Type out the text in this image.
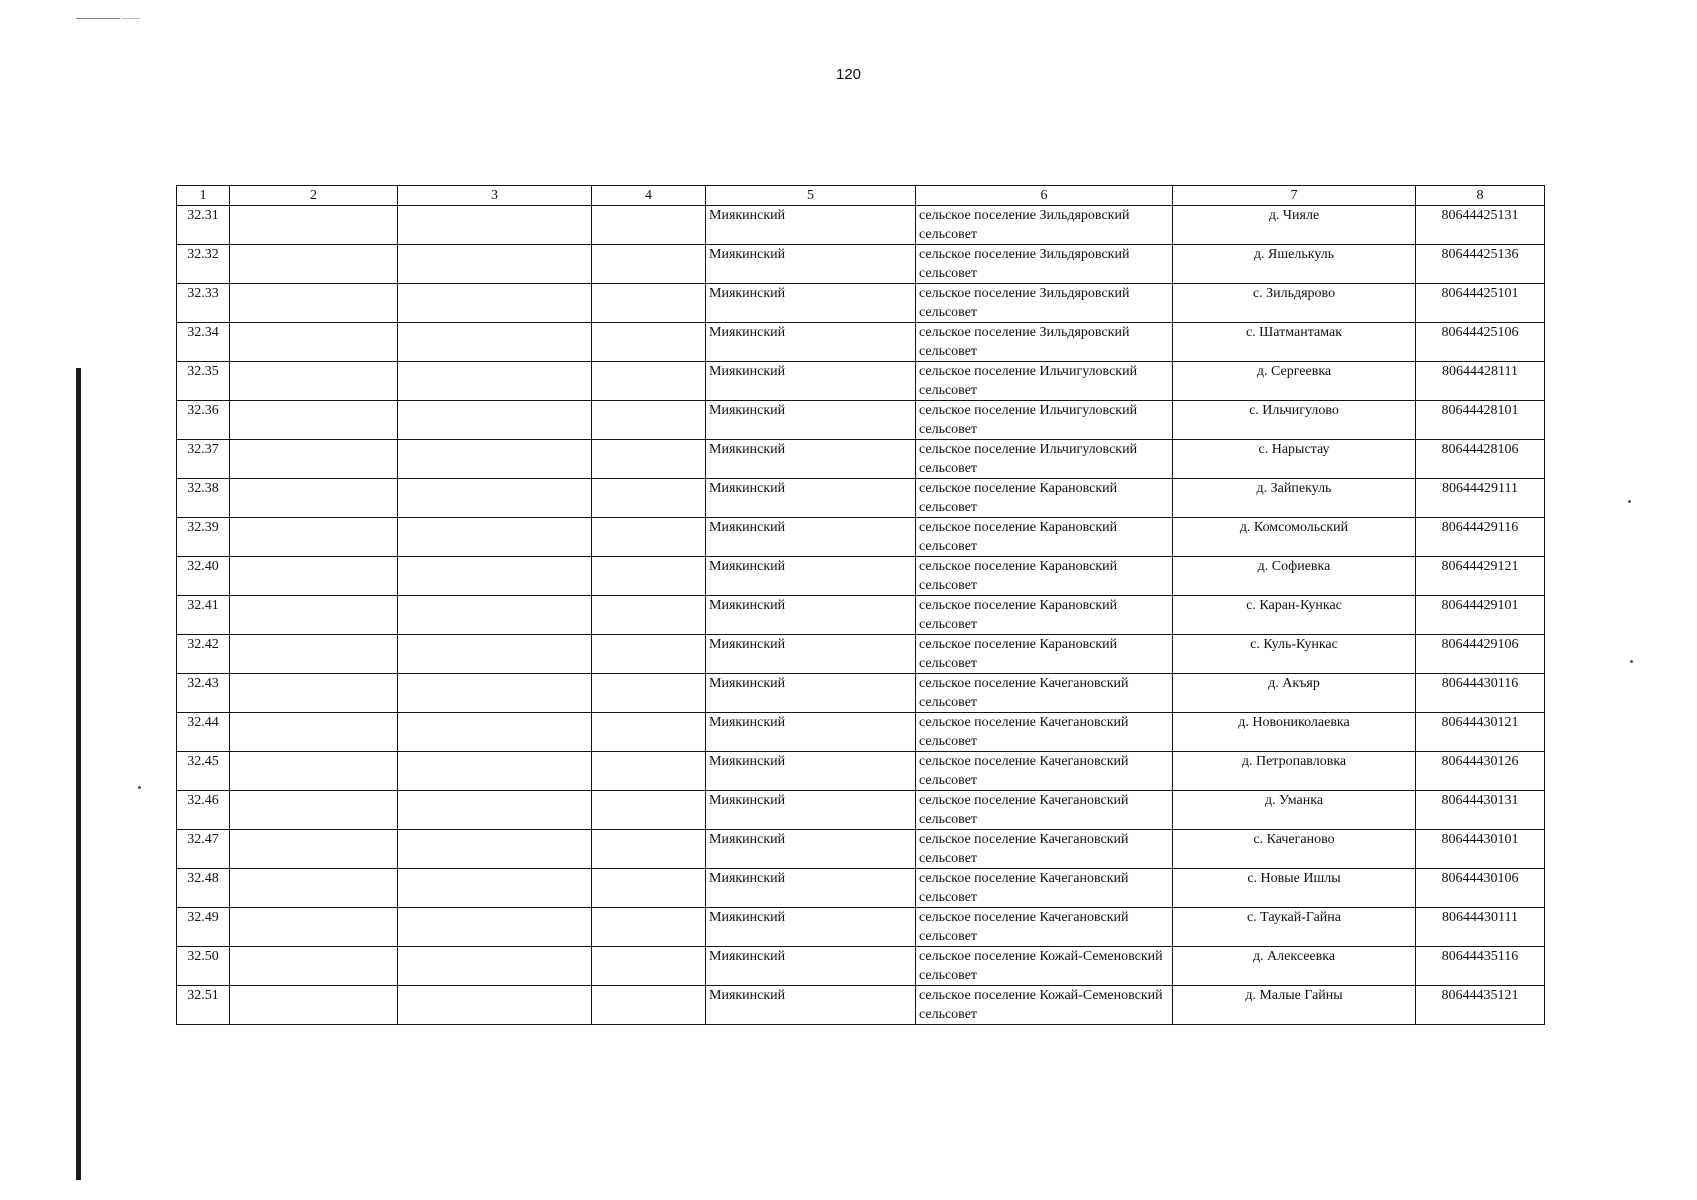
120
1	2	3	4	5	6	7	8
32.31				Миякинский	сельское поселение Зильдяровский сельсовет	д. Чияле	80644425131
32.32				Миякинский	сельское поселение Зильдяровский сельсовет	д. Яшелькуль	80644425136
32.33				Миякинский	сельское поселение Зильдяровский сельсовет	с. Зильдярово	80644425101
32.34				Миякинский	сельское поселение Зильдяровский сельсовет	с. Шатмантамак	80644425106
32.35				Миякинский	сельское поселение Ильчигуловский сельсовет	д. Сергеевка	80644428111
32.36				Миякинский	сельское поселение Ильчигуловский сельсовет	с. Ильчигулово	80644428101
32.37				Миякинский	сельское поселение Ильчигуловский сельсовет	с. Нарыстау	80644428106
32.38				Миякинский	сельское поселение Карановский сельсовет	д. Зайпекуль	80644429111
32.39				Миякинский	сельское поселение Карановский сельсовет	д. Комсомольский	80644429116
32.40				Миякинский	сельское поселение Карановский сельсовет	д. Софиевка	80644429121
32.41				Миякинский	сельское поселение Карановский сельсовет	с. Каран-Кункас	80644429101
32.42				Миякинский	сельское поселение Карановский сельсовет	с. Куль-Кункас	80644429106
32.43				Миякинский	сельское поселение Качегановский сельсовет	д. Акъяр	80644430116
32.44				Миякинский	сельское поселение Качегановский сельсовет	д. Новониколаевка	80644430121
32.45				Миякинский	сельское поселение Качегановский сельсовет	д. Петропавловка	80644430126
32.46				Миякинский	сельское поселение Качегановский сельсовет	д. Уманка	80644430131
32.47				Миякинский	сельское поселение Качегановский сельсовет	с. Качеганово	80644430101
32.48				Миякинский	сельское поселение Качегановский сельсовет	с. Новые Ишлы	80644430106
32.49				Миякинский	сельское поселение Качегановский сельсовет	с. Таукай-Гайна	80644430111
32.50				Миякинский	сельское поселение Кожай-Семеновский сельсовет	д. Алексеевка	80644435116
32.51				Миякинский	сельское поселение Кожай-Семеновский сельсовет	д. Малые Гайны	80644435121
